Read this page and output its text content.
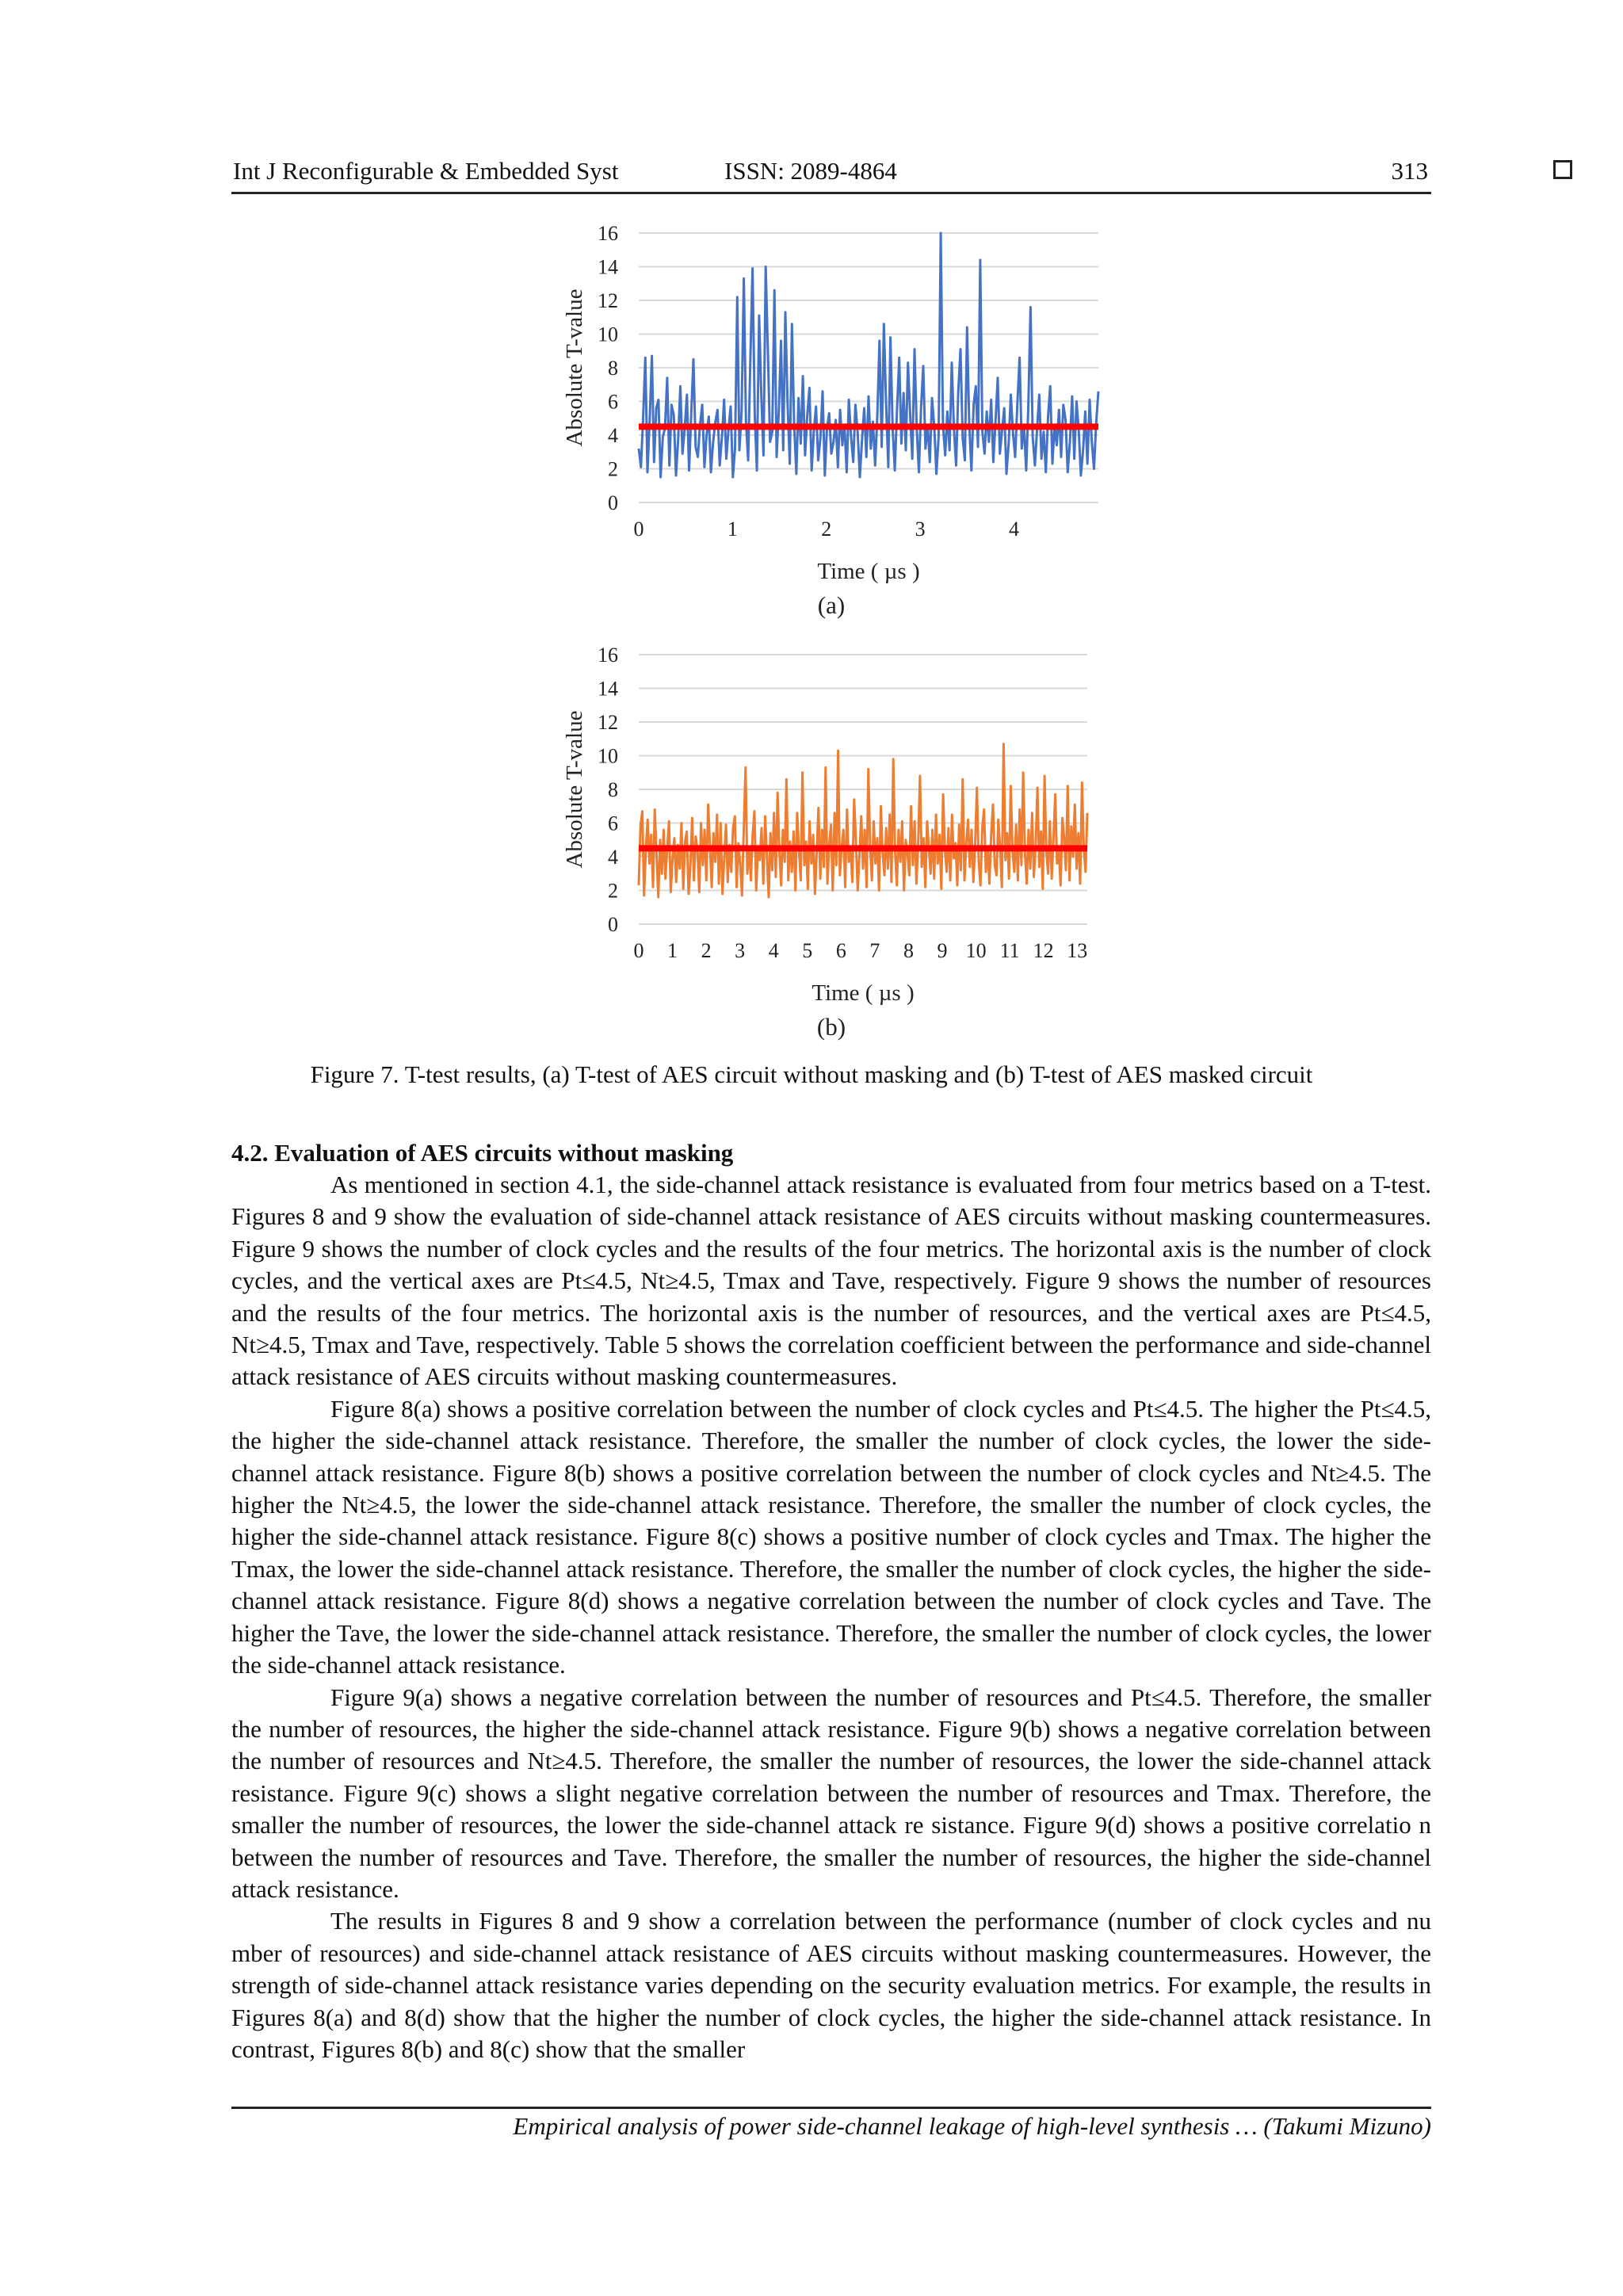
Int J Reconfigurable & Embedded Syst	ISSN: 2089-4864	313
0
2
4
6
8
10
12
14
16
0	1	2	3	4
Time ( µs )
Absolute T-value
(a)
0
2
4
6
8
10
12
14
16
0 1 2 3 4 5 6 7 8 9 10 11 12 13
Time ( µs )
Absolute T-value
(b)
Figure 7. T-test results, (a) T-test of AES circuit without masking and (b) T-test of AES masked circuit
4.2. Evaluation of AES circuits without masking

As mentioned in section 4.1, the side-channel attack resistance is evaluated from four metrics based on a T-test. Figures 8 and 9 show the evaluation of side-channel attack resistance of AES circuits without masking countermeasures. Figure 9 shows the number of clock cycles and the results of the four metrics. The horizontal axis is the number of clock cycles, and the vertical axes are Pt≤4.5, Nt≥4.5, Tmax and Tave, respectively. Figure 9 shows the number of resources and the results of the four metrics. The horizontal axis is the number of resources, and the vertical axes are Pt≤4.5, Nt≥4.5, Tmax and Tave, respectively. Table 5 shows the correlation coefficient between the performance and side-channel attack resistance of AES circuits without masking countermeasures.

Figure 8(a) shows a positive correlation between the number of clock cycles and Pt≤4.5. The higher the Pt≤4.5, the higher the side-channel attack resistance. Therefore, the smaller the number of clock cycles, the lower the side-channel attack resistance. Figure 8(b) shows a positive correlation between the number of clock cycles and Nt≥4.5. The higher the Nt≥4.5, the lower the side-channel attack resistance. Therefore, the smaller the number of clock cycles, the higher the side-channel attack resistance. Figure 8(c) shows a positive number of clock cycles and Tmax. The higher the Tmax, the lower the side-channel attack resistance. Therefore, the smaller the number of clock cycles, the higher the side-channel attack resistance. Figure 8(d) shows a negative correlation between the number of clock cycles and Tave. The higher the Tave, the lower the side-channel attack resistance. Therefore, the smaller the number of clock cycles, the lower the side-channel attack resistance.

Figure 9(a) shows a negative correlation between the number of resources and Pt≤4.5. Therefore, the smaller the number of resources, the higher the side-channel attack resistance. Figure 9(b) shows a negative correlation between the number of resources and Nt≥4.5. Therefore, the smaller the number of resources, the lower the side-channel attack resistance. Figure 9(c) shows a slight negative correlation between the number of resources and Tmax. Therefore, the smaller the number of resources, the lower the side-channel attack re sistance. Figure 9(d) shows a positive correlatio n between the number of resources and Tave. Therefore, the smaller the number of resources, the higher the side-channel attack resistance.

The results in Figures 8 and 9 show a correlation between the performance (number of clock cycles and nu mber of resources) and side-channel attack resistance of AES circuits without masking countermeasures. However, the strength of side-channel attack resistance varies depending on the security evaluation metrics. For example, the results in Figures 8(a) and 8(d) show that the higher the number of clock cycles, the higher the side-channel attack resistance. In contrast, Figures 8(b) and 8(c) show that the smaller

Empirical analysis of power side-channel leakage of high-level synthesis … (Takumi Mizuno)
